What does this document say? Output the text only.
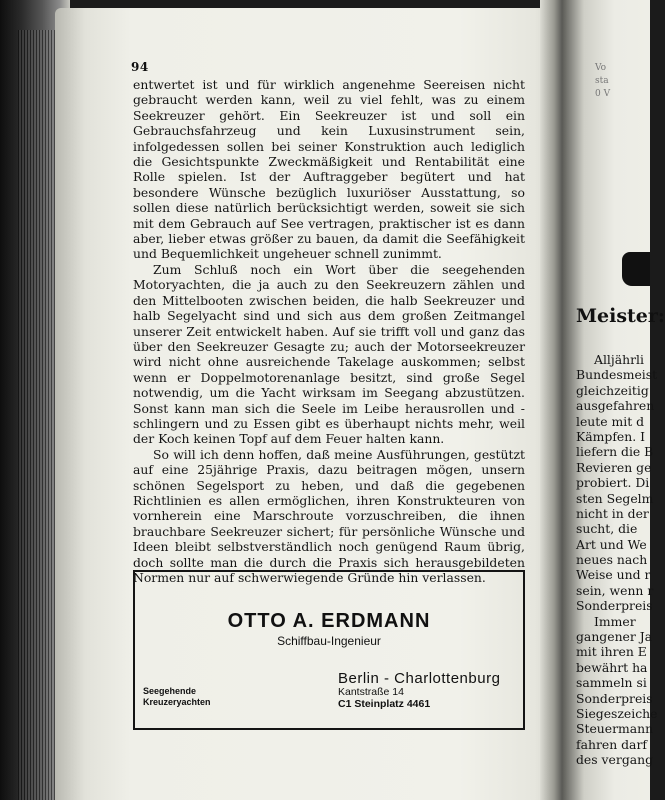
94

entwertet ist und für wirklich angenehme Seereisen nicht gebraucht werden kann, weil zu viel fehlt, was zu einem Seekreuzer gehört. Ein Seekreuzer ist und soll ein Gebrauchsfahrzeug und kein Luxusinstrument sein, infolgedessen sollen bei seiner Konstruktion auch lediglich die Gesichtspunkte Zweckmäßigkeit und Rentabilität eine Rolle spielen. Ist der Auftraggeber begütert und hat besondere Wünsche bezüglich luxuriöser Ausstattung, so sollen diese natürlich berücksichtigt werden, soweit sie sich mit dem Gebrauch auf See vertragen, praktischer ist es dann aber, lieber etwas größer zu bauen, da damit die Seefähigkeit und Bequemlichkeit ungeheuer schnell zunimmt.

Zum Schluß noch ein Wort über die seegehenden Motoryachten, die ja auch zu den Seekreuzern zählen und den Mittelbooten zwischen beiden, die halb Seekreuzer und halb Segelyacht sind und sich aus dem großen Zeitmangel unserer Zeit entwickelt haben. Auf sie trifft voll und ganz das über den Seekreuzer Gesagte zu; auch der Motorseekreuzer wird nicht ohne ausreichende Takelage auskommen; selbst wenn er Doppelmotorenanlage besitzt, sind große Segel notwendig, um die Yacht wirksam im Seegang abzustützen. Sonst kann man sich die Seele im Leibe herausrollen und -schlingern und zu Essen gibt es überhaupt nichts mehr, weil der Koch keinen Topf auf dem Feuer halten kann.

So will ich denn hoffen, daß meine Ausführungen, gestützt auf eine 25jährige Praxis, dazu beitragen mögen, unsern schönen Segelsport zu heben, und daß die gegebenen Richtlinien es allen ermöglichen, ihren Konstrukteuren von vornherein eine Marschroute vorzuschreiben, die ihnen brauchbare Seekreuzer sichert; für persönliche Wünsche und Ideen bleibt selbstverständlich noch genügend Raum übrig, doch sollte man die durch die Praxis sich herausgebildeten Normen nur auf schwerwiegende Gründe hin verlassen.

OTTO A. ERDMANN
Schiffbau-Ingenieur
Seegehende
Kreuzeryachten
Berlin - Charlottenburg
Kantstraße 14
C1 Steinplatz 4461
Vo
sta
0 V
Meister:
Alljährli
Bundesmeist
gleichzeitig
ausgefahren
leute mit d
Kämpfen. I
liefern die B
Revieren ge
probiert. Di
sten Segelm
nicht in der
sucht, die
Art und We
neues nach
Weise und r
sein, wenn r
Sonderpreis
Immer
gangener Ja
mit ihren E
bewährt ha
sammeln si
Sonderpreis
Siegeszeiche
Steuermann
fahren darf
des vergang
